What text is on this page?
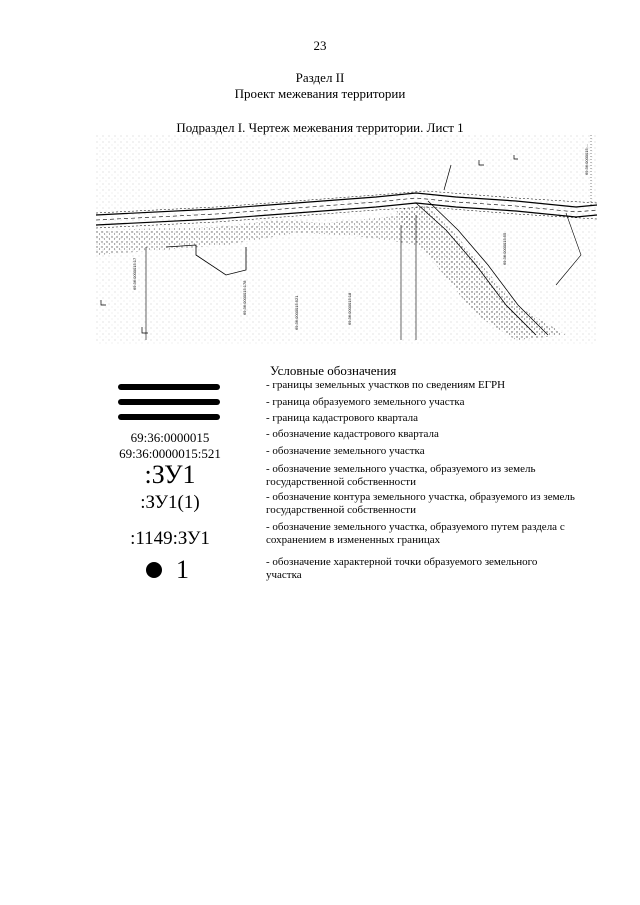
23
Раздел II
Проект межевания территории
Подраздел I. Чертеж межевания территории. Лист 1
69:36:0000015:17
69:36:0000015:178	69:36:0000015:521	69:36:0000015:18
69:36:0000015:55
69:36:0000015:...
Условные обозначения
69:36:0000015
69:36:0000015:521
:ЗУ1
:ЗУ1(1)
:1149:ЗУ1
1
- границы земельных участков по сведениям ЕГРН
- граница образуемого земельного участка
- граница кадастрового квартала
- обозначение кадастрового квартала
- обозначение земельного участка
- обозначение земельного участка, образуемого из земель государственной собственности
- обозначение контура земельного участка, образуемого из земель государственной собственности
- обозначение земельного участка, образуемого путем раздела с сохранением в измененных границах
- обозначение характерной точки образуемого земельного участка
